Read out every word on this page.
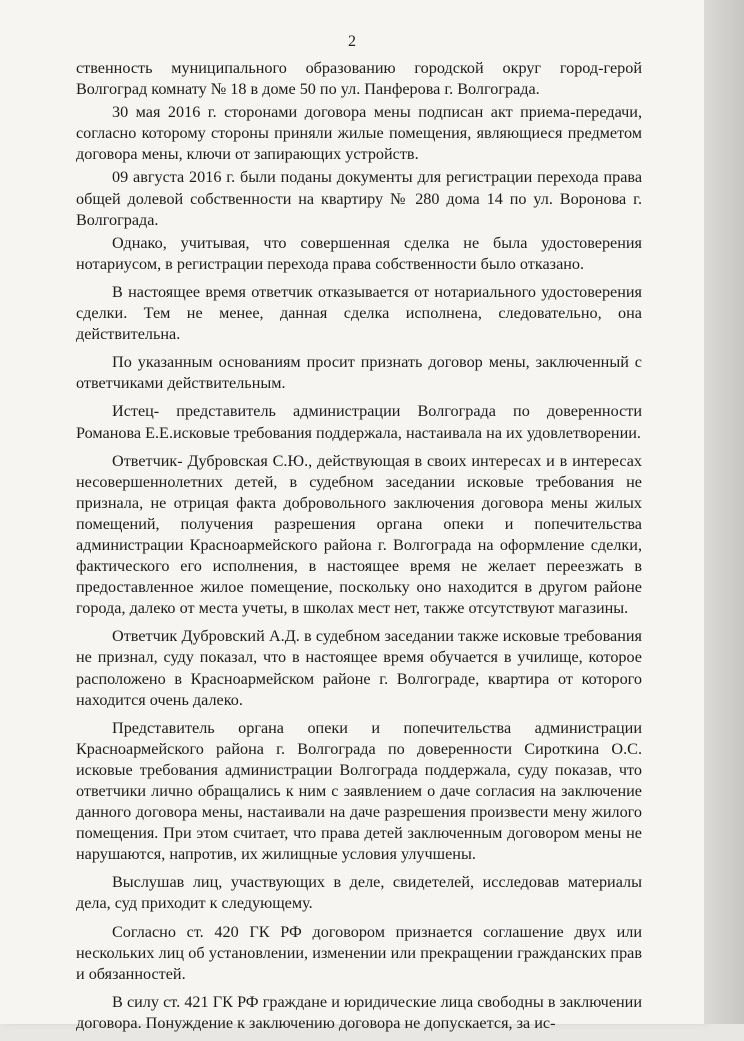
2

ственность муниципального образованию городской округ город-герой Волгоград комнату № 18 в доме 50 по ул. Панферова г. Волгограда.

30 мая 2016 г. сторонами договора мены подписан акт приема-передачи, согласно которому стороны приняли жилые помещения, являющиеся предметом договора мены, ключи от запирающих устройств.

09 августа 2016 г. были поданы документы для регистрации перехода права общей долевой собственности на квартиру № 280 дома 14 по ул. Воронова г. Волгограда.

Однако, учитывая, что совершенная сделка не была удостоверения нотариусом, в регистрации перехода права собственности было отказано.

В настоящее время ответчик отказывается от нотариального удостоверения сделки. Тем не менее, данная сделка исполнена, следовательно, она действительна.

По указанным основаниям просит признать договор мены, заключенный с ответчиками действительным.

Истец- представитель администрации Волгограда по доверенности Романова Е.Е.исковые требования поддержала, настаивала на их удовлетворении.

Ответчик- Дубровская С.Ю., действующая в своих интересах и в интересах несовершеннолетних детей, в судебном заседании исковые требования не признала, не отрицая факта добровольного заключения договора мены жилых помещений, получения разрешения органа опеки и попечительства администрации Красноармейского района г. Волгограда на оформление сделки, фактического его исполнения, в настоящее время не желает переезжать в предоставленное жилое помещение, поскольку оно находится в другом районе города, далеко от места учеты, в школах мест нет, также отсутствуют магазины.

Ответчик Дубровский А.Д. в судебном заседании также исковые требования не признал, суду показал, что в настоящее время обучается в училище, которое расположено в Красноармейском районе г. Волгограде, квартира от которого находится очень далеко.

Представитель органа опеки и попечительства администрации Красноармейского района г. Волгограда по доверенности Сироткина О.С. исковые требования администрации Волгограда поддержала, суду показав, что ответчики лично обращались к ним с заявлением о даче согласия на заключение данного договора мены, настаивали на даче разрешения произвести мену жилого помещения. При этом считает, что права детей заключенным договором мены не нарушаются, напротив, их жилищные условия улучшены.

Выслушав лиц, участвующих в деле, свидетелей, исследовав материалы дела, суд приходит к следующему.

Согласно ст. 420 ГК РФ договором признается соглашение двух или нескольких лиц об установлении, изменении или прекращении гражданских прав и обязанностей.

В силу ст. 421 ГК РФ граждане и юридические лица свободны в заключении договора. Понуждение к заключению договора не допускается, за ис-
